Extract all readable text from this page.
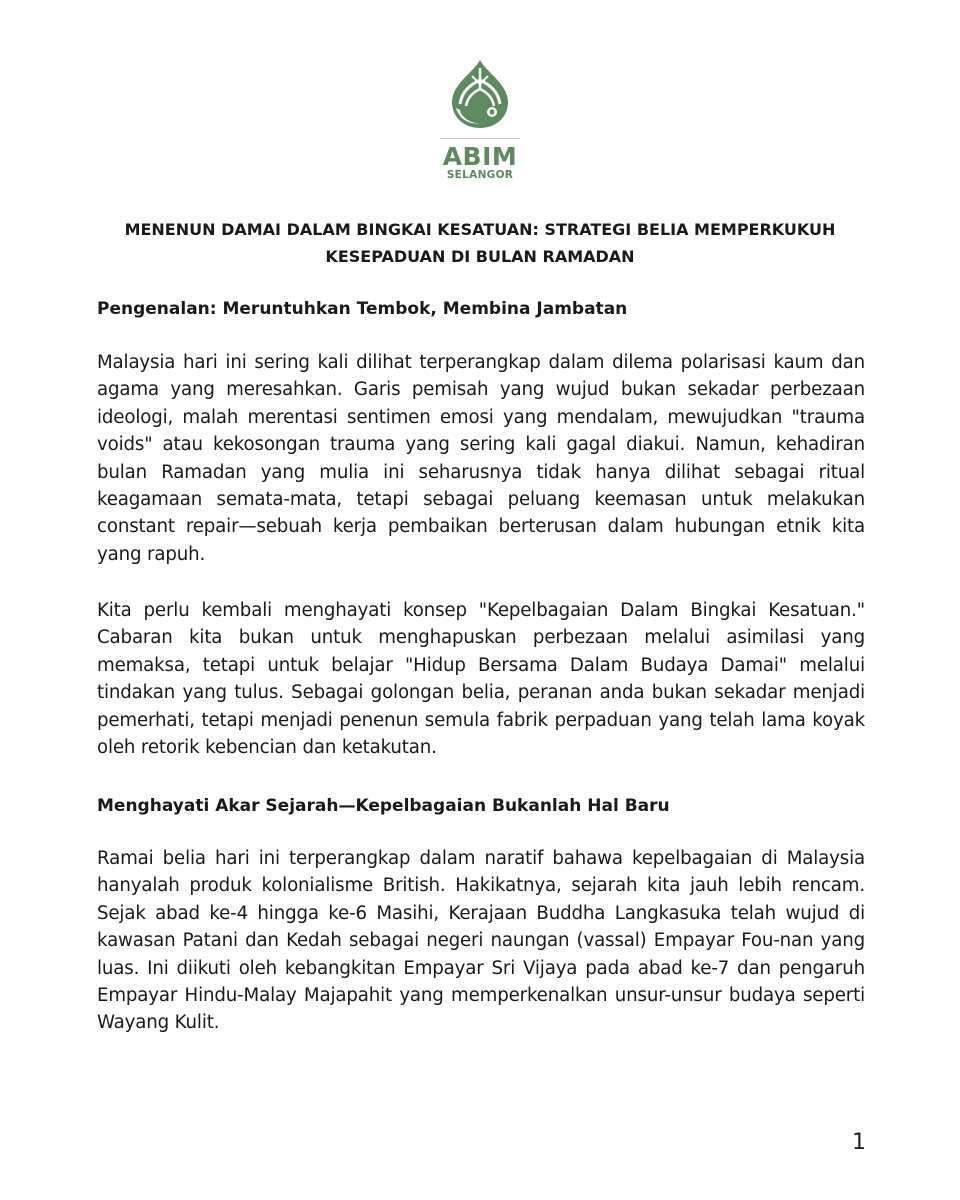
ABIM
SELANGOR
MENENUN DAMAI DALAM BINGKAI KESATUAN: STRATEGI BELIA MEMPERKUKUH
KESEPADUAN DI BULAN RAMADAN
Pengenalan: Meruntuhkan Tembok, Membina Jambatan
Malaysia hari ini sering kali dilihat terperangkap dalam dilema polarisasi kaum dan agama yang meresahkan. Garis pemisah yang wujud bukan sekadar perbezaan ideologi, malah merentasi sentimen emosi yang mendalam, mewujudkan "trauma voids" atau kekosongan trauma yang sering kali gagal diakui. Namun, kehadiran bulan Ramadan yang mulia ini seharusnya tidak hanya dilihat sebagai ritual keagamaan semata-mata, tetapi sebagai peluang keemasan untuk melakukan constant repair—sebuah kerja pembaikan berterusan dalam hubungan etnik kita yang rapuh.
Kita perlu kembali menghayati konsep "Kepelbagaian Dalam Bingkai Kesatuan." Cabaran kita bukan untuk menghapuskan perbezaan melalui asimilasi yang memaksa, tetapi untuk belajar "Hidup Bersama Dalam Budaya Damai" melalui tindakan yang tulus. Sebagai golongan belia, peranan anda bukan sekadar menjadi pemerhati, tetapi menjadi penenun semula fabrik perpaduan yang telah lama koyak oleh retorik kebencian dan ketakutan.
Menghayati Akar Sejarah—Kepelbagaian Bukanlah Hal Baru
Ramai belia hari ini terperangkap dalam naratif bahawa kepelbagaian di Malaysia hanyalah produk kolonialisme British. Hakikatnya, sejarah kita jauh lebih rencam. Sejak abad ke-4 hingga ke-6 Masihi, Kerajaan Buddha Langkasuka telah wujud di kawasan Patani dan Kedah sebagai negeri naungan (vassal) Empayar Fou-nan yang luas. Ini diikuti oleh kebangkitan Empayar Sri Vijaya pada abad ke-7 dan pengaruh Empayar Hindu-Malay Majapahit yang memperkenalkan unsur-unsur budaya seperti Wayang Kulit.
1
